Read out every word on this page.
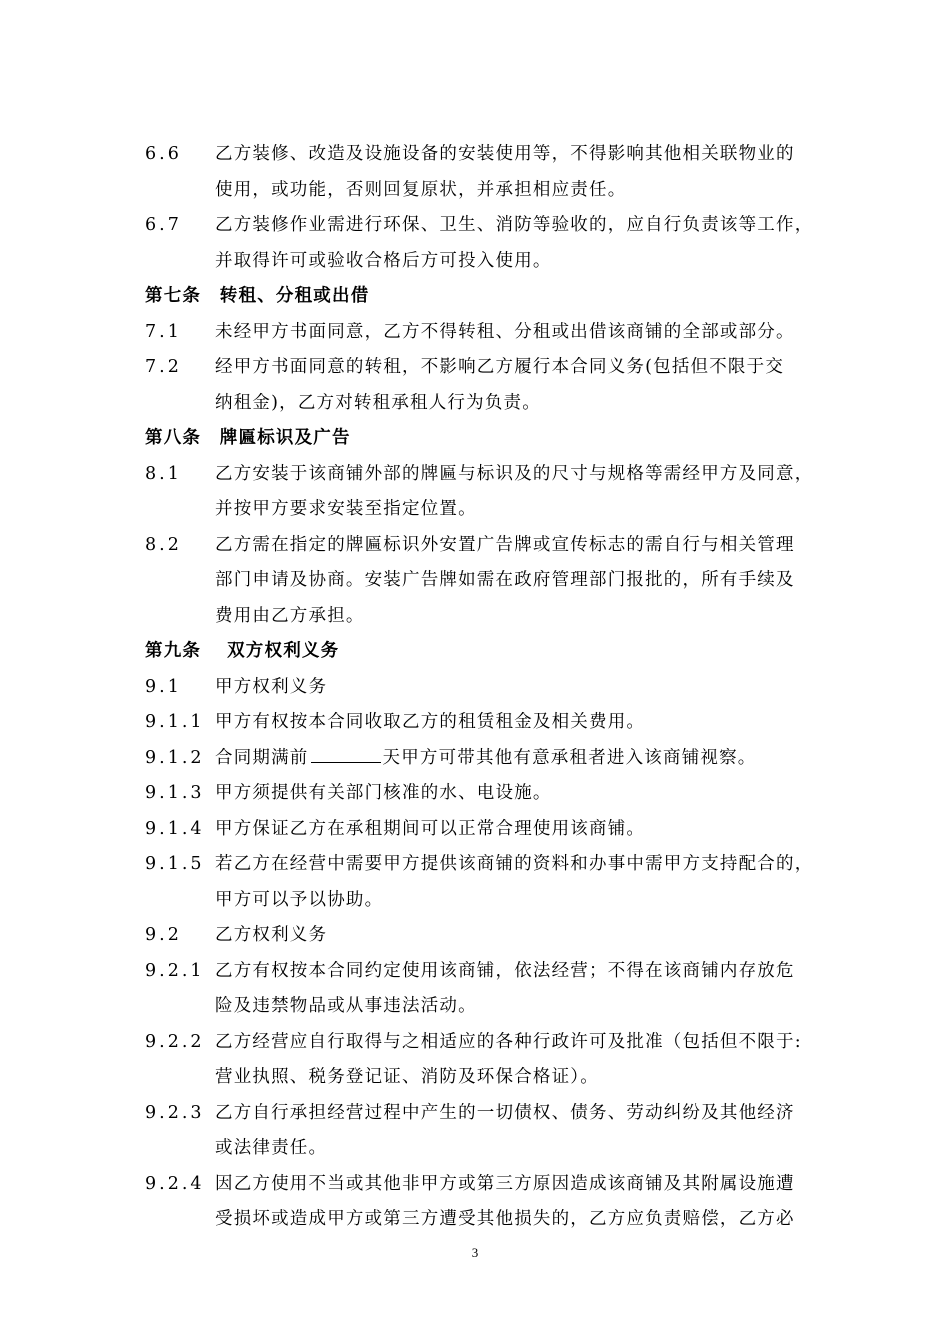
6.6	乙方装修、改造及设施设备的安装使用等，不得影响其他相关联物业的
使用，或功能，否则回复原状，并承担相应责任。
6.7	乙方装修作业需进行环保、卫生、消防等验收的，应自行负责该等工作，
并取得许可或验收合格后方可投入使用。
第七条　转租、分租或出借
7.1	未经甲方书面同意，乙方不得转租、分租或出借该商铺的全部或部分。
7.2	经甲方书面同意的转租，不影响乙方履行本合同义务(包括但不限于交
纳租金)，乙方对转租承租人行为负责。
第八条　牌匾标识及广告
8.1	乙方安装于该商铺外部的牌匾与标识及的尺寸与规格等需经甲方及同意，
并按甲方要求安装至指定位置。
8.2	乙方需在指定的牌匾标识外安置广告牌或宣传标志的需自行与相关管理
部门申请及协商。安装广告牌如需在政府管理部门报批的，所有手续及
费用由乙方承担。
第九条　 双方权利义务
9.1	甲方权利义务
9.1.1 甲方有权按本合同收取乙方的租赁租金及相关费用。
9.1.2 合同期满前	天甲方可带其他有意承租者进入该商铺视察。
9.1.3 甲方须提供有关部门核准的水、电设施。
9.1.4 甲方保证乙方在承租期间可以正常合理使用该商铺。
9.1.5 若乙方在经营中需要甲方提供该商铺的资料和办事中需甲方支持配合的，
甲方可以予以协助。
9.2	乙方权利义务
9.2.1 乙方有权按本合同约定使用该商铺，依法经营；不得在该商铺内存放危
险及违禁物品或从事违法活动。
9.2.2 乙方经营应自行取得与之相适应的各种行政许可及批准（包括但不限于:
营业执照、税务登记证、消防及环保合格证）。
9.2.3 乙方自行承担经营过程中产生的一切债权、债务、劳动纠纷及其他经济
或法律责任。
9.2.4 因乙方使用不当或其他非甲方或第三方原因造成该商铺及其附属设施遭
受损坏或造成甲方或第三方遭受其他损失的，乙方应负责赔偿，乙方必
3
